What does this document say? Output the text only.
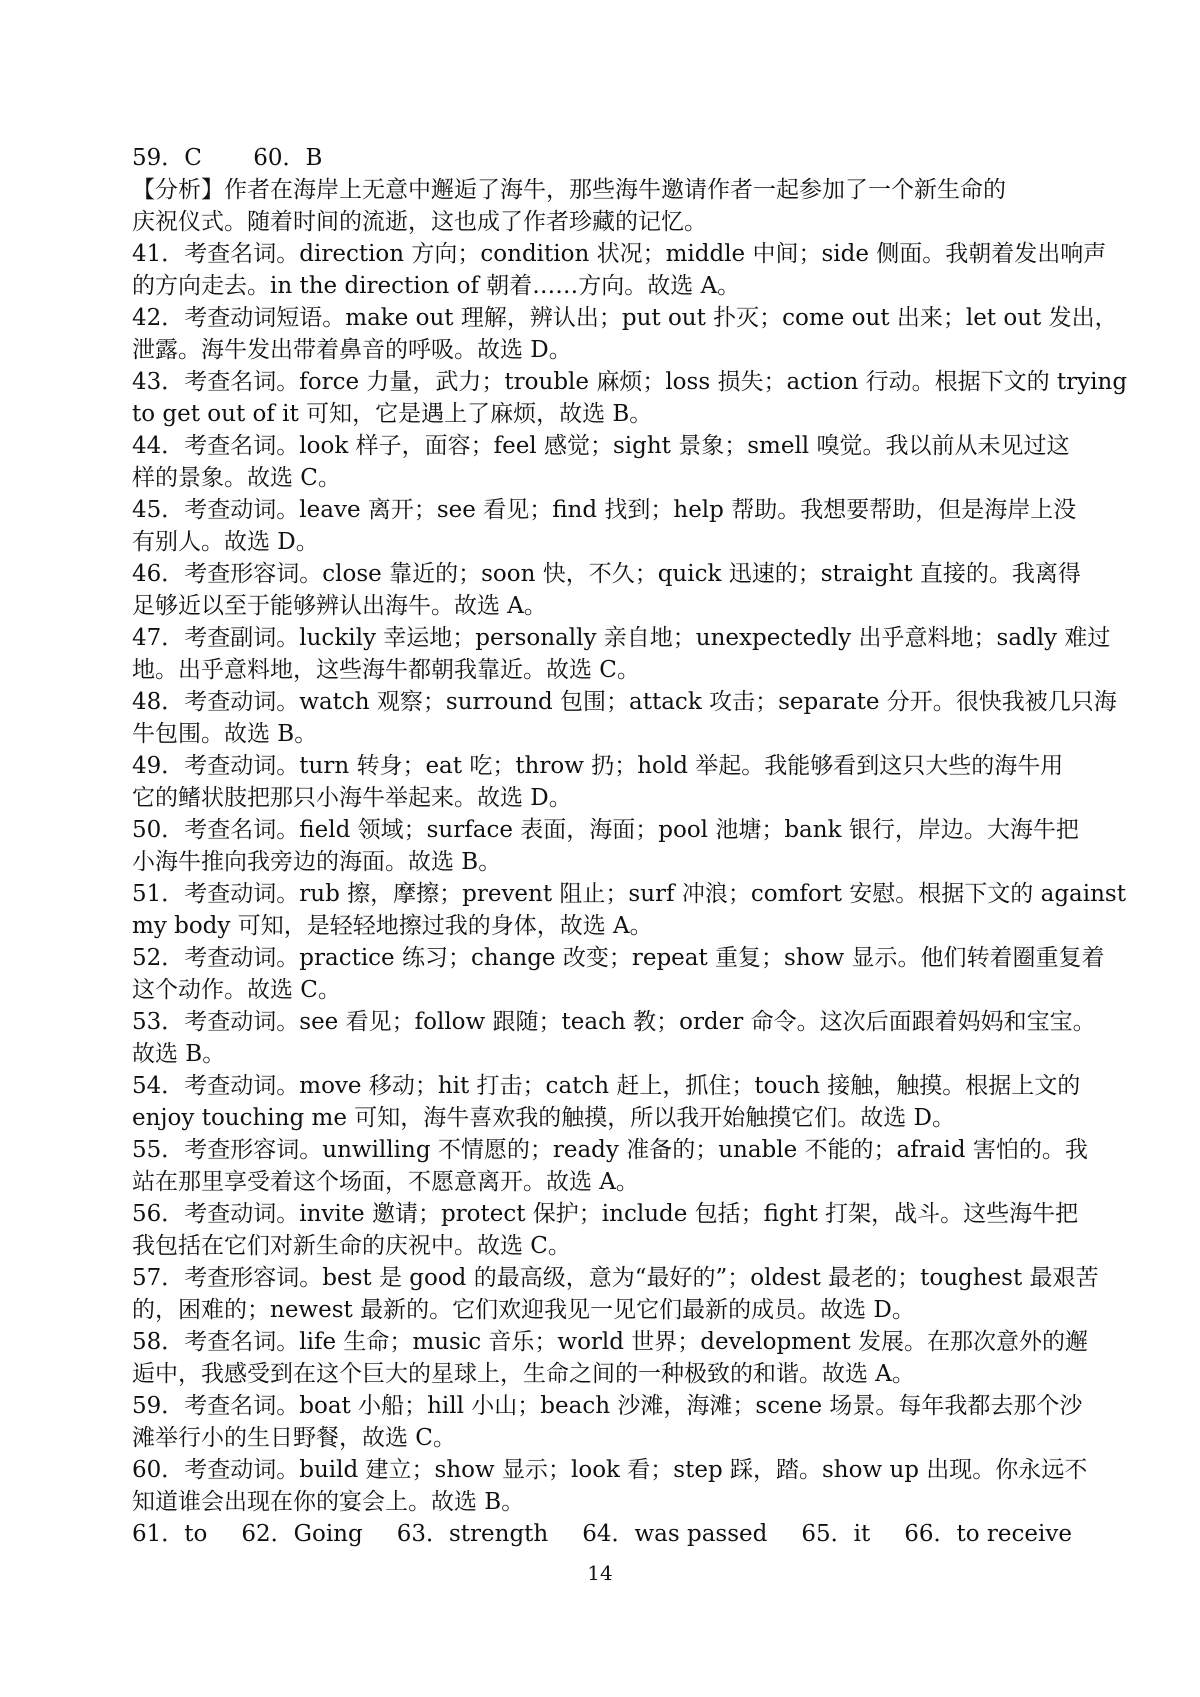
59．C 60．B
【分析】作者在海岸上无意中邂逅了海牛，那些海牛邀请作者一起参加了一个新生命的
庆祝仪式。随着时间的流逝，这也成了作者珍藏的记忆。
41．考查名词。direction 方向；condition 状况；middle 中间；side 侧面。我朝着发出响声
的方向走去。in the direction of 朝着……方向。故选 A。
42．考查动词短语。make out 理解，辨认出；put out 扑灭；come out 出来；let out 发出，
泄露。海牛发出带着鼻音的呼吸。故选 D。
43．考查名词。force 力量，武力；trouble 麻烦；loss 损失；action 行动。根据下文的 trying
to get out of it 可知，它是遇上了麻烦，故选 B。
44．考查名词。look 样子，面容；feel 感觉；sight 景象；smell 嗅觉。我以前从未见过这
样的景象。故选 C。
45．考查动词。leave 离开；see 看见；find 找到；help 帮助。我想要帮助，但是海岸上没
有别人。故选 D。
46．考查形容词。close 靠近的；soon 快，不久；quick 迅速的；straight 直接的。我离得
足够近以至于能够辨认出海牛。故选 A。
47．考查副词。luckily 幸运地；personally 亲自地；unexpectedly 出乎意料地；sadly 难过
地。出乎意料地，这些海牛都朝我靠近。故选 C。
48．考查动词。watch 观察；surround 包围；attack 攻击；separate 分开。很快我被几只海
牛包围。故选 B。
49．考查动词。turn 转身；eat 吃；throw 扔；hold 举起。我能够看到这只大些的海牛用
它的鳍状肢把那只小海牛举起来。故选 D。
50．考查名词。field 领域；surface 表面，海面；pool 池塘；bank 银行，岸边。大海牛把
小海牛推向我旁边的海面。故选 B。
51．考查动词。rub 擦，摩擦；prevent 阻止；surf 冲浪；comfort 安慰。根据下文的 against
my body 可知，是轻轻地擦过我的身体，故选 A。
52．考查动词。practice 练习；change 改变；repeat 重复；show 显示。他们转着圈重复着
这个动作。故选 C。
53．考查动词。see 看见；follow 跟随；teach 教；order 命令。这次后面跟着妈妈和宝宝。
故选 B。
54．考查动词。move 移动；hit 打击；catch 赶上，抓住；touch 接触，触摸。根据上文的
enjoy touching me 可知，海牛喜欢我的触摸，所以我开始触摸它们。故选 D。
55．考查形容词。unwilling 不情愿的；ready 准备的；unable 不能的；afraid 害怕的。我
站在那里享受着这个场面，不愿意离开。故选 A。
56．考查动词。invite 邀请；protect 保护；include 包括；fight 打架，战斗。这些海牛把
我包括在它们对新生命的庆祝中。故选 C。
57．考查形容词。best 是 good 的最高级，意为“最好的”；oldest 最老的；toughest 最艰苦
的，困难的；newest 最新的。它们欢迎我见一见它们最新的成员。故选 D。
58．考查名词。life 生命；music 音乐；world 世界；development 发展。在那次意外的邂
逅中，我感受到在这个巨大的星球上，生命之间的一种极致的和谐。故选 A。
59．考查名词。boat 小船；hill 小山；beach 沙滩，海滩；scene 场景。每年我都去那个沙
滩举行小的生日野餐，故选 C。
60．考查动词。build 建立；show 显示；look 看；step 踩，踏。show up 出现。你永远不
知道谁会出现在你的宴会上。故选 B。
61．to 62．Going 63．strength 64．was passed 65．it 66．to receive
14
